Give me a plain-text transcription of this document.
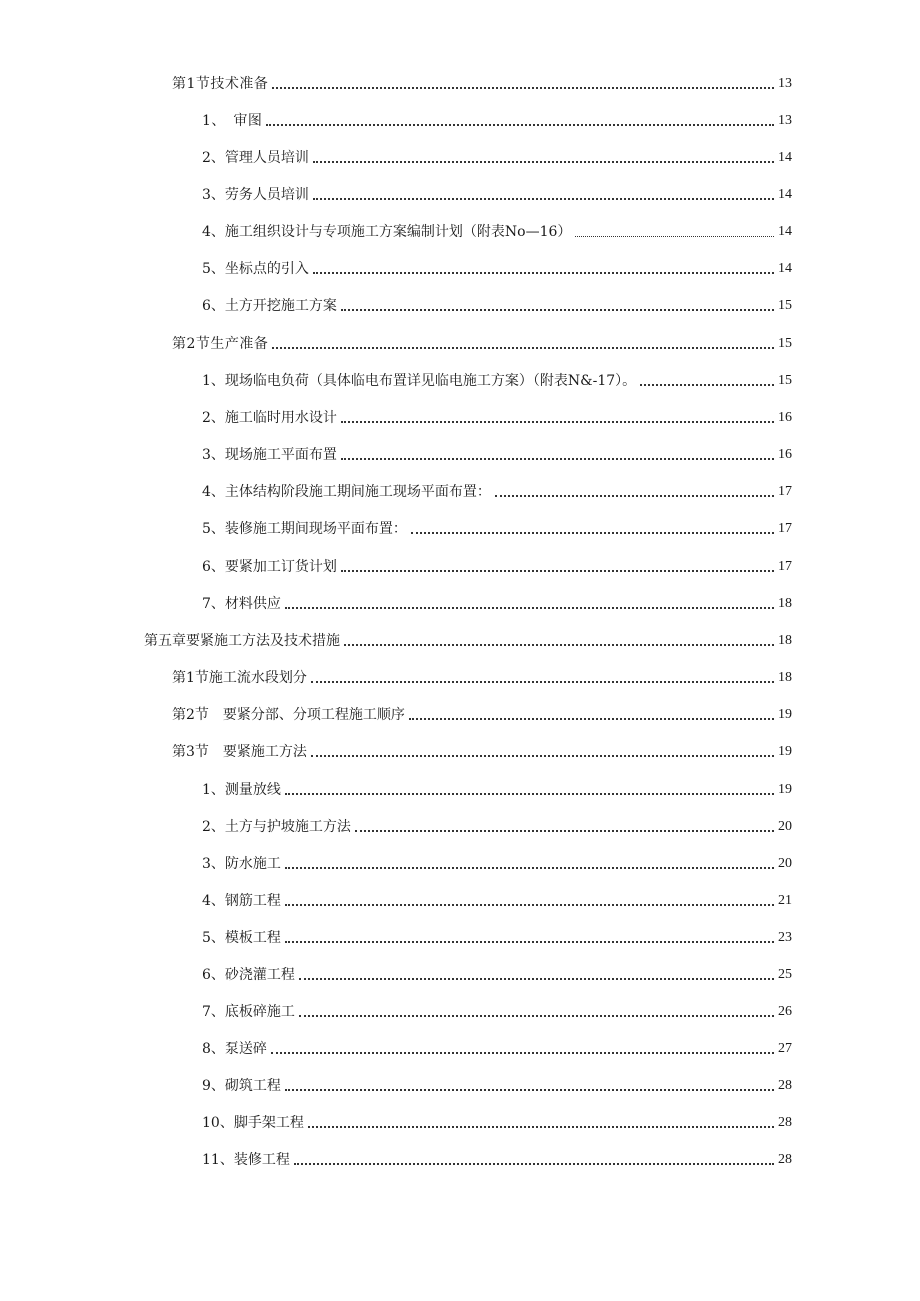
第1节技术准备	13
1、　审图	13
2、管理人员培训	14
3、劳务人员培训	14
4、施工组织设计与专项施工方案编制计划（附表No—16）	14
5、坐标点的引入	14
6、土方开挖施工方案	15
第2节生产准备	15
1、现场临电负荷（具体临电布置详见临电施工方案）（附表N&-17）。	15
2、施工临时用水设计	16
3、现场施工平面布置	16
4、主体结构阶段施工期间施工现场平面布置：	17
5、装修施工期间现场平面布置：	17
6、要紧加工订货计划	17
7、材料供应	18
第五章要紧施工方法及技术措施	18
第1节施工流水段划分	18
第2节　要紧分部、分项工程施工顺序	19
第3节　要紧施工方法	19
1、测量放线	19
2、土方与护坡施工方法	20
3、防水施工	20
4、钢筋工程	21
5、模板工程	23
6、砂浇灌工程	25
7、底板碎施工	26
8、泵送碎	27
9、砌筑工程	28
10、脚手架工程	28
11、装修工程	28
